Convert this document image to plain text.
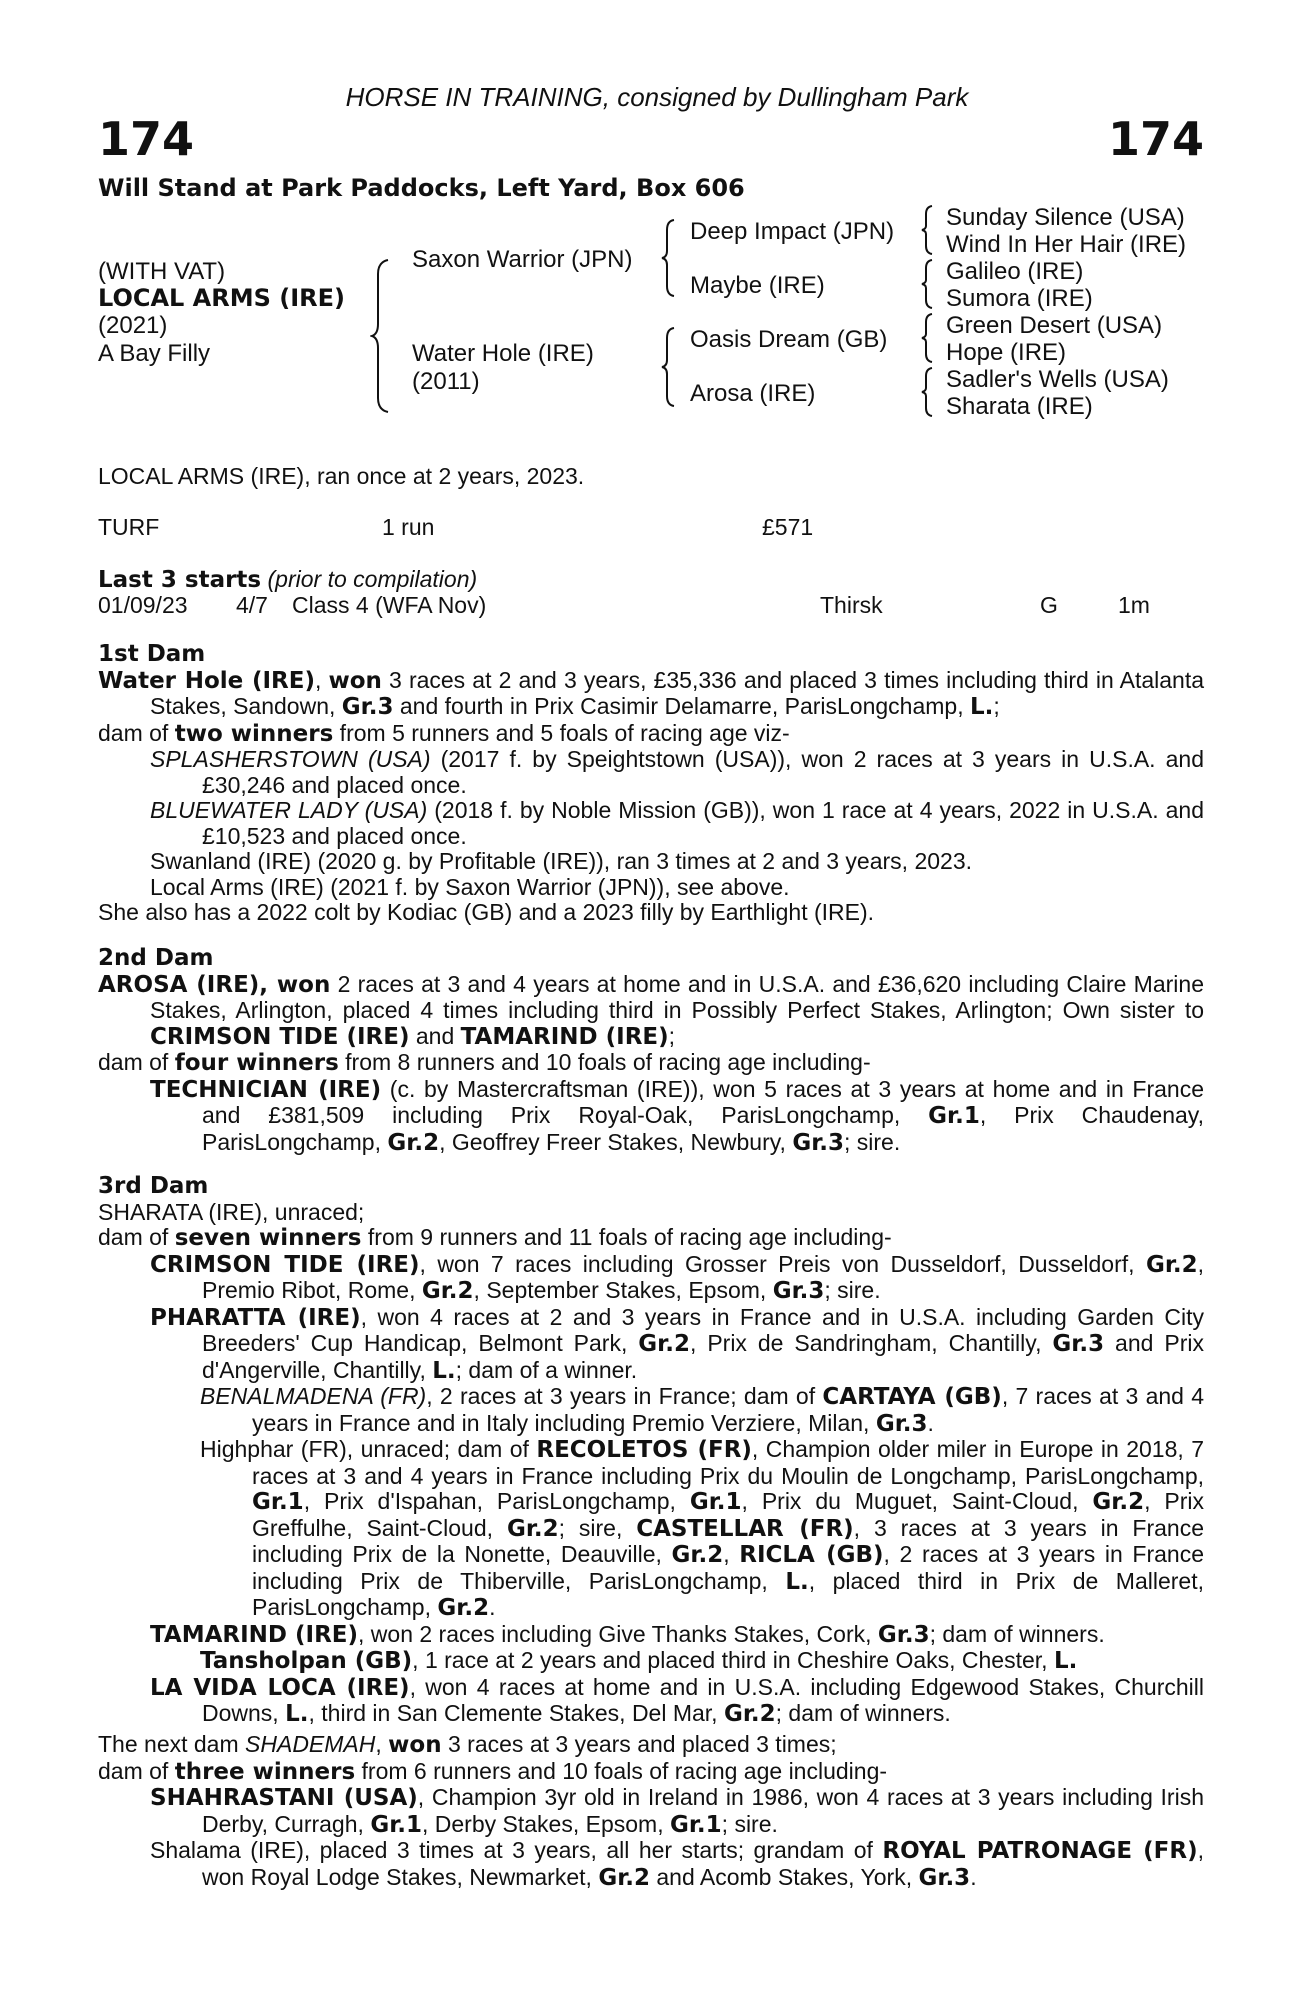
HORSE IN TRAINING, consigned by Dullingham Park
174	174
Will Stand at Park Paddocks, Left Yard, Box 606
(WITH VAT)
LOCAL ARMS (IRE)
(2021)
A Bay Filly
Saxon Warrior (JPN)
Water Hole (IRE)
(2011)
Deep Impact (JPN)
Maybe (IRE)
Oasis Dream (GB)
Arosa (IRE)
Sunday Silence (USA)
Wind In Her Hair (IRE)
Galileo (IRE)
Sumora (IRE)
Green Desert (USA)
Hope (IRE)
Sadler's Wells (USA)
Sharata (IRE)
LOCAL ARMS (IRE), ran once at 2 years, 2023.
TURF	1 run	£571
Last 3 starts (prior to compilation)
01/09/23 4/7 Class 4 (WFA Nov)	Thirsk	G	1m

1st Dam

Water Hole (IRE), won 3 races at 2 and 3 years, £35,336 and placed 3 times including third in Atalanta Stakes, Sandown, Gr.3 and fourth in Prix Casimir Delamarre, ParisLongchamp, L.;

dam of two winners from 5 runners and 5 foals of racing age viz-

SPLASHERSTOWN (USA) (2017 f. by Speightstown (USA)), won 2 races at 3 years in U.S.A. and £30,246 and placed once.

BLUEWATER LADY (USA) (2018 f. by Noble Mission (GB)), won 1 race at 4 years, 2022 in U.S.A. and £10,523 and placed once.

Swanland (IRE) (2020 g. by Profitable (IRE)), ran 3 times at 2 and 3 years, 2023.

Local Arms (IRE) (2021 f. by Saxon Warrior (JPN)), see above.

She also has a 2022 colt by Kodiac (GB) and a 2023 filly by Earthlight (IRE).

2nd Dam

AROSA (IRE), won 2 races at 3 and 4 years at home and in U.S.A. and £36,620 including Claire Marine Stakes, Arlington, placed 4 times including third in Possibly Perfect Stakes, Arlington; Own sister to CRIMSON TIDE (IRE) and TAMARIND (IRE);

dam of four winners from 8 runners and 10 foals of racing age including-

TECHNICIAN (IRE) (c. by Mastercraftsman (IRE)), won 5 races at 3 years at home and in France and £381,509 including Prix Royal-Oak, ParisLongchamp, Gr.1, Prix Chaudenay, ParisLongchamp, Gr.2, Geoffrey Freer Stakes, Newbury, Gr.3; sire.

3rd Dam

SHARATA (IRE), unraced;

dam of seven winners from 9 runners and 11 foals of racing age including-

CRIMSON TIDE (IRE), won 7 races including Grosser Preis von Dusseldorf, Dusseldorf, Gr.2, Premio Ribot, Rome, Gr.2, September Stakes, Epsom, Gr.3; sire.

PHARATTA (IRE), won 4 races at 2 and 3 years in France and in U.S.A. including Garden City Breeders' Cup Handicap, Belmont Park, Gr.2, Prix de Sandringham, Chantilly, Gr.3 and Prix d'Angerville, Chantilly, L.; dam of a winner.

BENALMADENA (FR), 2 races at 3 years in France; dam of CARTAYA (GB), 7 races at 3 and 4 years in France and in Italy including Premio Verziere, Milan, Gr.3.

Highphar (FR), unraced; dam of RECOLETOS (FR), Champion older miler in Europe in 2018, 7 races at 3 and 4 years in France including Prix du Moulin de Longchamp, ParisLongchamp, Gr.1, Prix d'Ispahan, ParisLongchamp, Gr.1, Prix du Muguet, Saint-Cloud, Gr.2, Prix Greffulhe, Saint-Cloud, Gr.2; sire, CASTELLAR (FR), 3 races at 3 years in France including Prix de la Nonette, Deauville, Gr.2, RICLA (GB), 2 races at 3 years in France including Prix de Thiberville, ParisLongchamp, L., placed third in Prix de Malleret, ParisLongchamp, Gr.2.

TAMARIND (IRE), won 2 races including Give Thanks Stakes, Cork, Gr.3; dam of winners.

Tansholpan (GB), 1 race at 2 years and placed third in Cheshire Oaks, Chester, L.

LA VIDA LOCA (IRE), won 4 races at home and in U.S.A. including Edgewood Stakes, Churchill Downs, L., third in San Clemente Stakes, Del Mar, Gr.2; dam of winners.

The next dam SHADEMAH, won 3 races at 3 years and placed 3 times;

dam of three winners from 6 runners and 10 foals of racing age including-

SHAHRASTANI (USA), Champion 3yr old in Ireland in 1986, won 4 races at 3 years including Irish Derby, Curragh, Gr.1, Derby Stakes, Epsom, Gr.1; sire.

Shalama (IRE), placed 3 times at 3 years, all her starts; grandam of ROYAL PATRONAGE (FR), won Royal Lodge Stakes, Newmarket, Gr.2 and Acomb Stakes, York, Gr.3.
